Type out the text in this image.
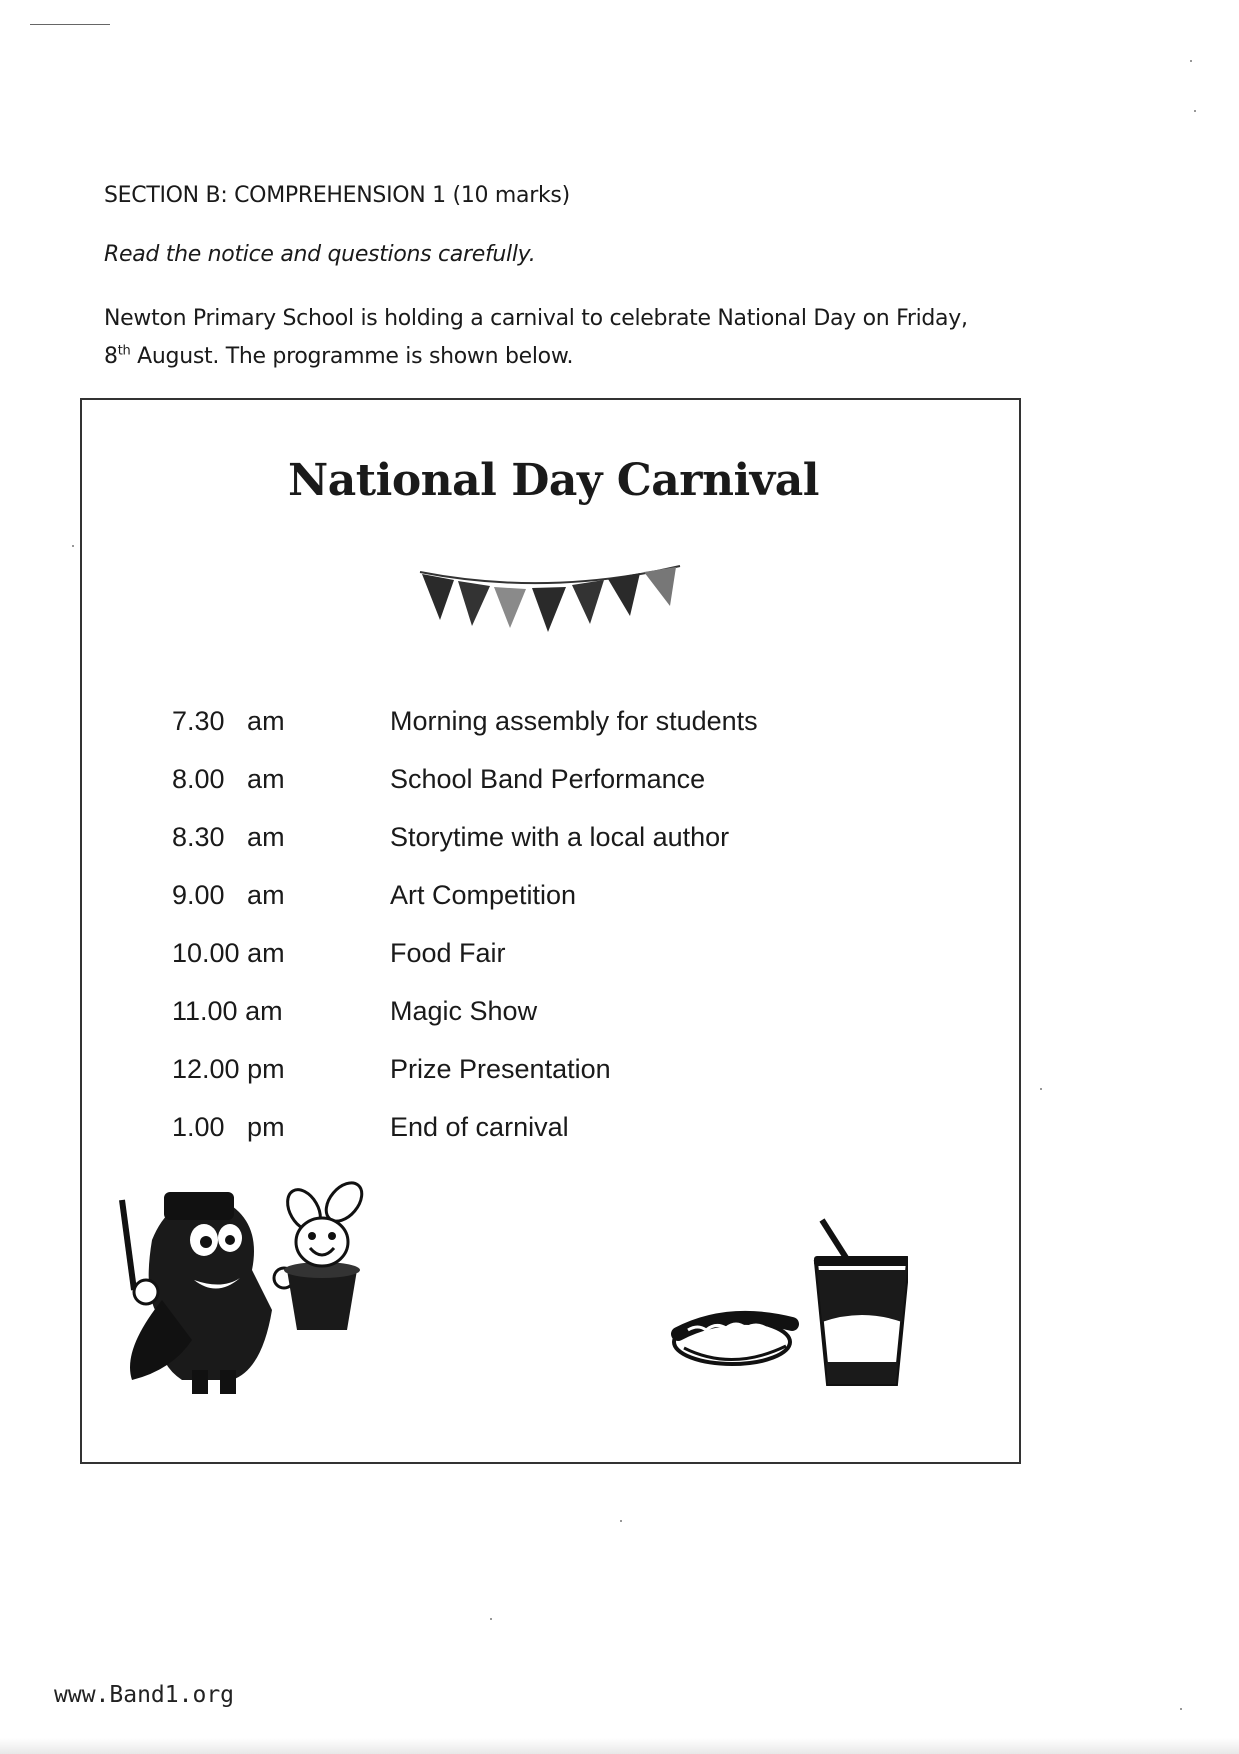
SECTION B: COMPREHENSION 1 (10 marks)
Read the notice and questions carefully.
Newton Primary School is holding a carnival to celebrate National Day on Friday,
8th August. The programme is shown below.
National Day Carnival
7.30   am	Morning assembly for students
8.00   am	School Band Performance
8.30   am	Storytime with a local author
9.00   am	Art Competition
10.00 am	Food Fair
11.00 am	Magic Show
12.00 pm	Prize Presentation
1.00   pm	End of carnival
www.Band1.org
